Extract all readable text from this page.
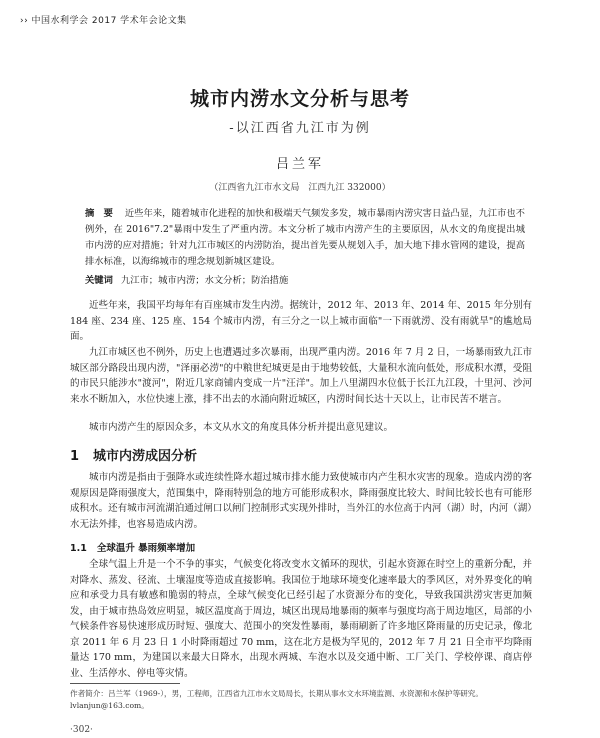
›› 中国水利学会 2017 学术年会论文集
城市内涝水文分析与思考
-以江西省九江市为例
吕兰军
（江西省九江市水文局　江西九江 332000）
摘　要 近些年来，随着城市化进程的加快和极端天气频发多发，城市暴雨内涝灾害日益凸显，九江市也不例外，在 2016"7.2"暴雨中发生了严重内涝。本文分析了城市内涝产生的主要原因，从水文的角度提出城市内涝的应对措施；针对九江市城区的内涝防治，提出首先要从规划入手，加大地下排水管网的建设，提高排水标准，以海绵城市的理念规划新城区建设。
关键词 九江市；城市内涝；水文分析；防治措施
近些年来，我国平均每年有百座城市发生内涝。据统计，2012 年、2013 年、2014 年、2015 年分别有 184 座、234 座、125 座、154 个城市内涝，有三分之一以上城市面临"一下雨就涝、没有雨就旱"的尴尬局面。
九江市城区也不例外，历史上也遭遇过多次暴雨，出现严重内涝。2016 年 7 月 2 日，一场暴雨致九江市城区部分路段出现内涝，"泽丽必涝"的中粮世纪城更是由于地势较低，大量积水流向低处，形成积水潭，受阻的市民只能涉水"渡河"，附近几家商铺内变成一片"汪洋"。加上八里湖四水位低于长江九江段，十里河、沙河来水不断加入，水位快速上涨，排不出去的水涌向附近城区，内涝时间长达十天以上，让市民苦不堪言。
城市内涝产生的原因众多，本文从水文的角度具体分析并提出意见建议。
1 城市内涝成因分析
城市内涝是指由于强降水或连续性降水超过城市排水能力致使城市内产生积水灾害的现象。造成内涝的客观原因是降雨强度大，范围集中，降雨特别急的地方可能形成积水，降雨强度比较大、时间比较长也有可能形成积水。还有城市河流湖泊通过闸口以闸门控制形式实现外排时，当外江的水位高于内河（湖）时，内河（湖）水无法外排，也容易造成内涝。
1.1 全球温升 暴雨频率增加
全球气温上升是一个不争的事实，气候变化将改变水文循环的现状，引起水资源在时空上的重新分配，并对降水、蒸发、径流、土壤湿度等造成直接影响。我国位于地球环境变化速率最大的季风区，对外界变化的响应和承受力具有敏感和脆弱的特点，全球气候变化已经引起了水资源分布的变化，导致我国洪涝灾害更加频发，由于城市热岛效应明显，城区温度高于周边，城区出现局地暴雨的频率与强度均高于周边地区，局部的小气候条件容易快速形成历时短、强度大、范围小的突发性暴雨，暴雨刷新了许多地区降雨量的历史记录，像北京 2011 年 6 月 23 日 1 小时降雨超过 70 mm，这在北方是极为罕见的，2012 年 7 月 21 日全市平均降雨量达 170 mm，为建国以来最大日降水，出现水两城、车泡水以及交通中断、工厂关门、学校停课、商店停业、生活停水、停电等灾情。
作者简介：吕兰军（1969-），男，工程师，江西省九江市水文局局长，长期从事水文水环境监测、水资源和水保护等研究。lvlanjun@163.com。
·302·
